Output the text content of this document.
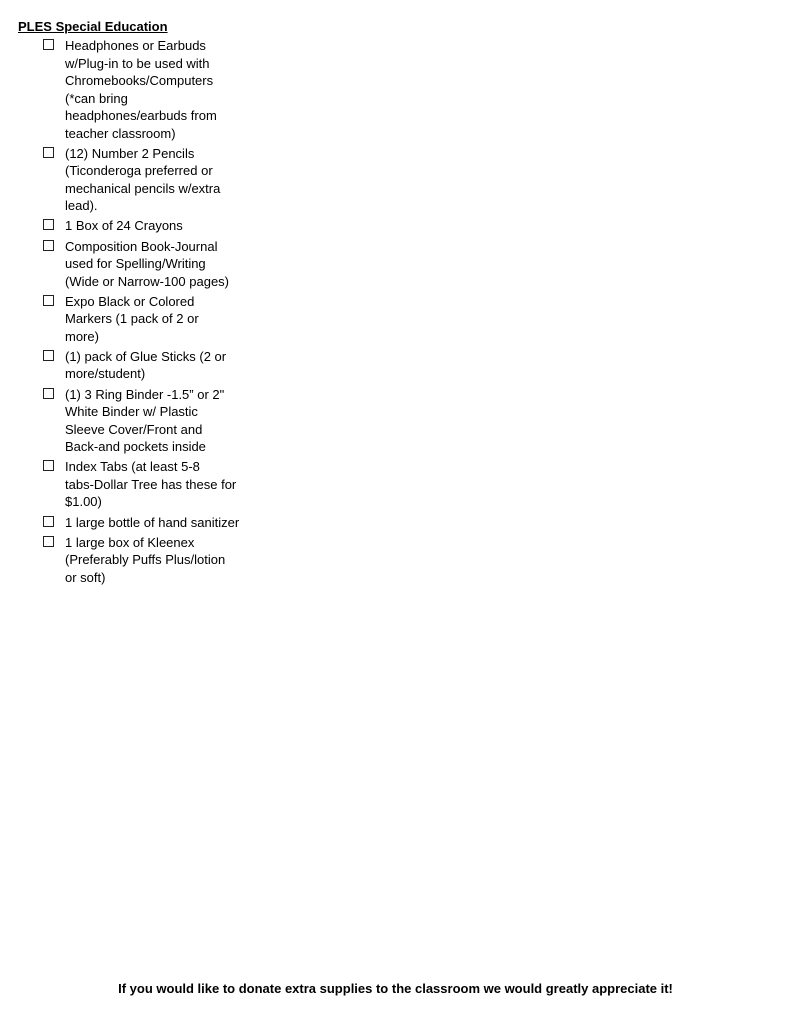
PLES Special Education
Headphones or Earbuds
w/Plug-in to be used with
Chromebooks/Computers
(*can bring
headphones/earbuds from
teacher classroom)
(12) Number 2 Pencils
(Ticonderoga preferred or
mechanical pencils w/extra
lead).
1 Box of 24 Crayons
Composition Book-Journal
used for Spelling/Writing
(Wide or Narrow-100 pages)
Expo Black or Colored
Markers (1 pack of 2 or
more)
(1) pack of Glue Sticks (2 or
more/student)
(1) 3 Ring Binder -1.5” or 2"
White Binder w/ Plastic
Sleeve Cover/Front and
Back-and pockets inside
Index Tabs (at least 5-8
tabs-Dollar Tree has these for
$1.00)
1 large bottle of hand sanitizer
1 large box of Kleenex
(Preferably Puffs Plus/lotion
or soft)

If you would like to donate extra supplies to the classroom we would greatly appreciate it!
